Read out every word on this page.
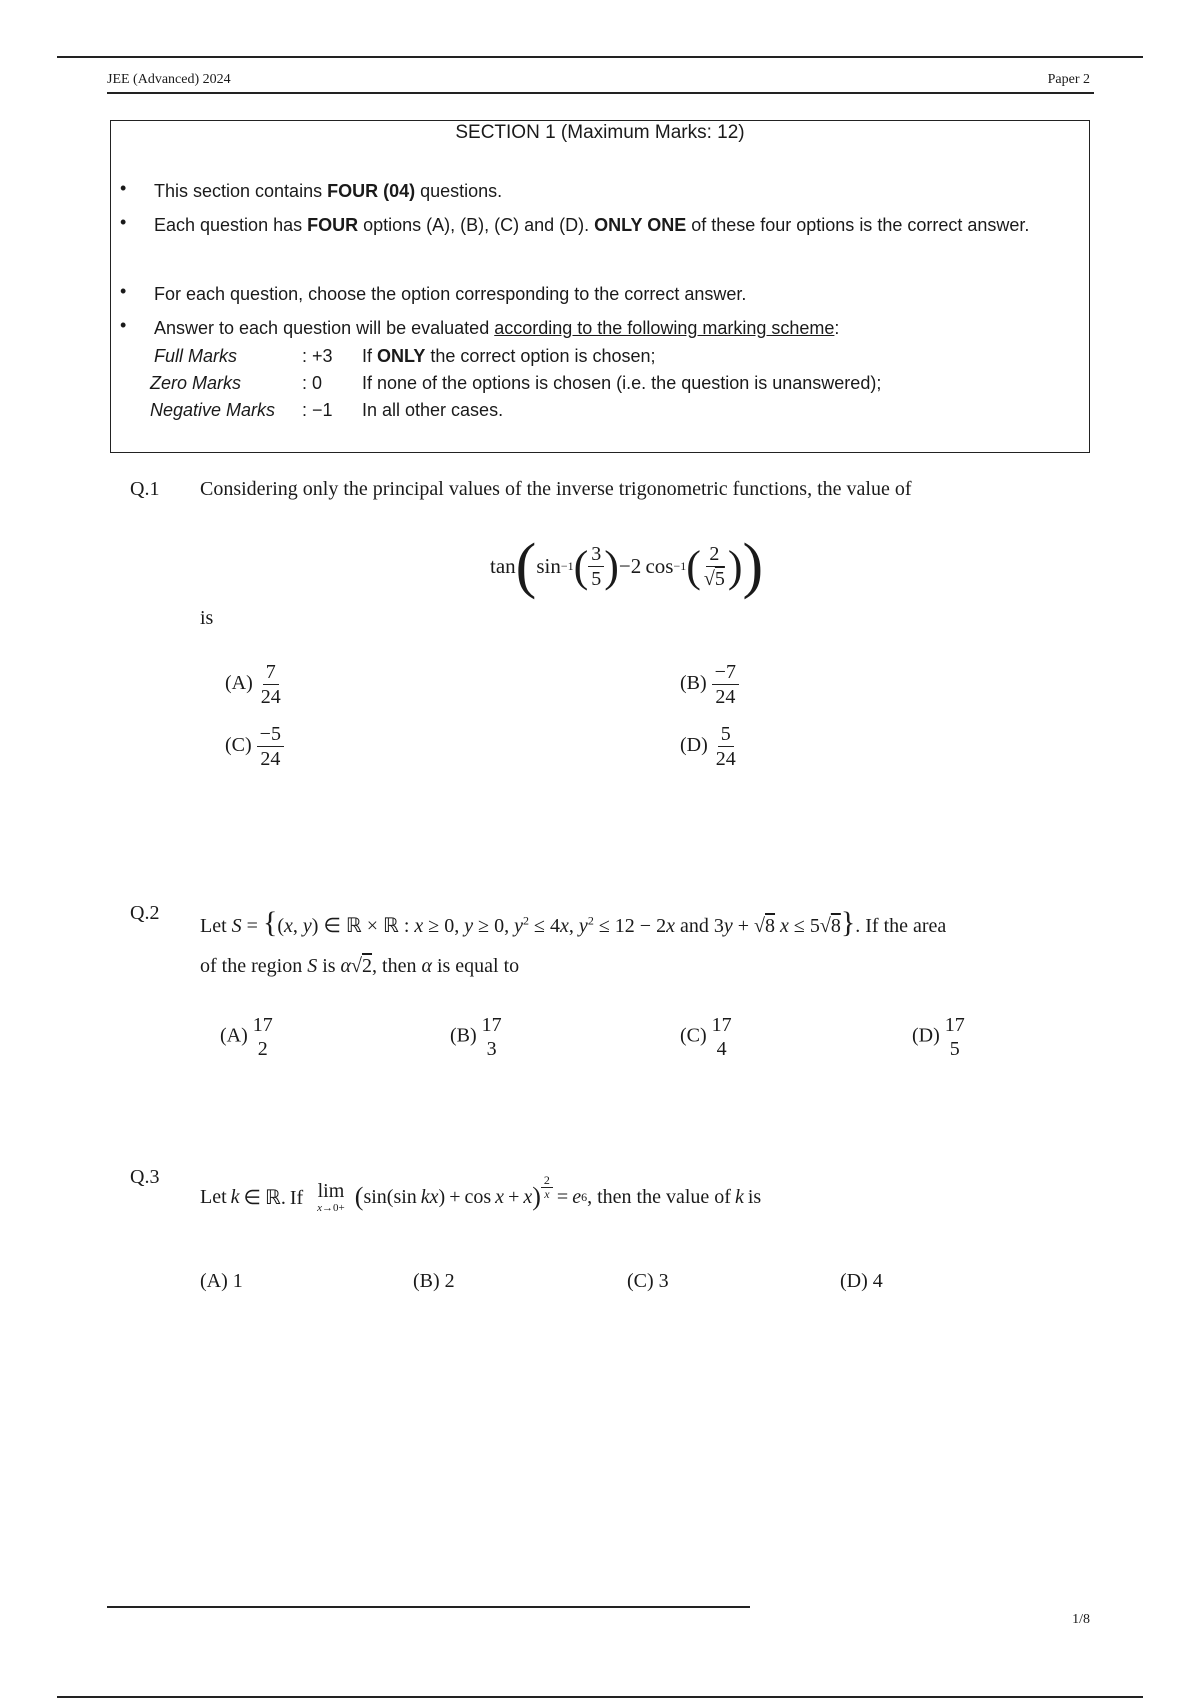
JEE (Advanced) 2024	Paper 2
SECTION 1 (Maximum Marks: 12)
• This section contains FOUR (04) questions.
• Each question has FOUR options (A), (B), (C) and (D). ONLY ONE of these four options is the correct answer.
• For each question, choose the option corresponding to the correct answer.
• Answer to each question will be evaluated according to the following marking scheme:
Full Marks	: +3 If ONLY the correct option is chosen;
Zero Marks	: 0 If none of the options is chosen (i.e. the question is unanswered);
Negative Marks : −1 In all other cases.
Q.1 Considering only the principal values of the inverse trigonometric functions, the value of
tan ( sin −1 ( $\frac{3}{5}$ ) −2 cos −1 ( $\frac{2}{√5}$ ) )
is
$(A) \frac{7}{24}$	$(B) \frac{-7}{24}$
$(C) \frac{-5}{24}$	$(D) \frac{5}{24}$
Q.2
Let S = {(x, y) ∈ ℝ × ℝ : x ≥ 0, y ≥ 0, $y^2 \le 4x$, $y^2 \le 12 - 2x$ and 3y + √8 x ≤ 5√8}. If the area
of the region S is α√2, then α is equal to
(A) 17
2
(B) 17
3
(C) 17
4
(D) 17
5
Q.3
Let  k  ∈ ℝ. If  lim
x→0+ ( sin(sin  kx ) + cos  x  +  x ) $^{\frac{2}{x}}$  =  e 6 , then the value of  k  is
(A) 1	(B) 2	(C) 3	(D) 4
1/8
